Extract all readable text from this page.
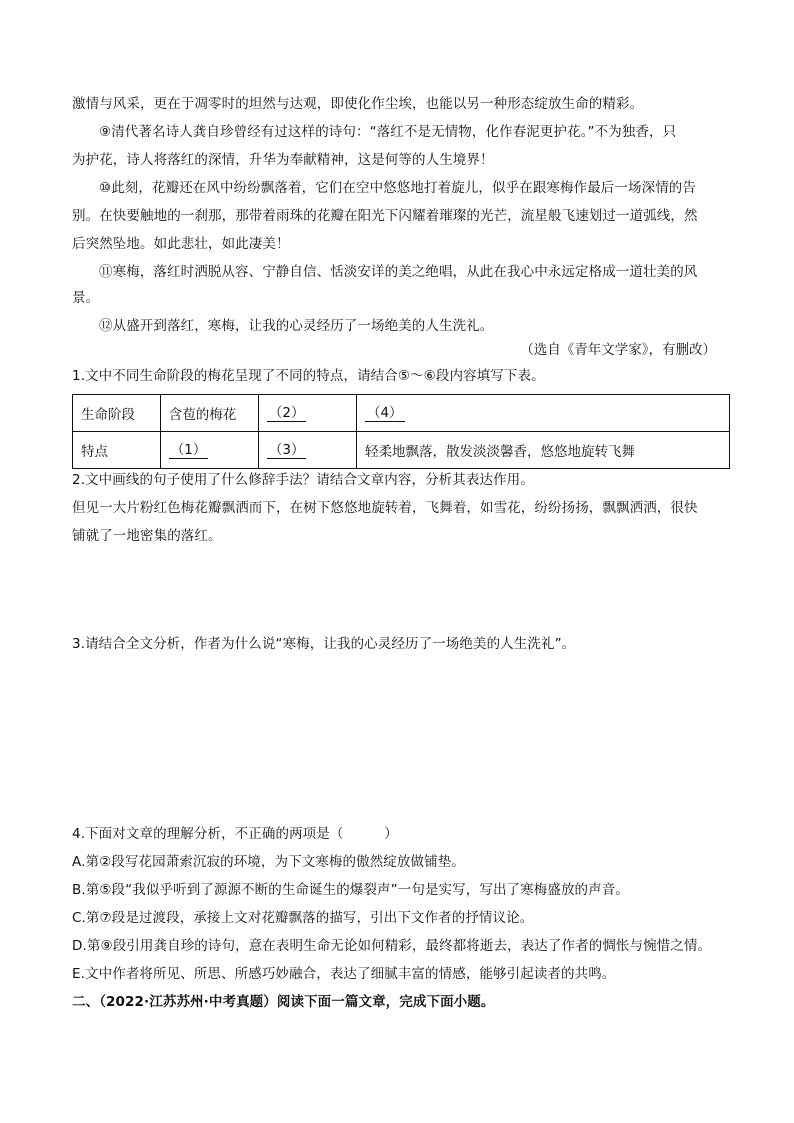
激情与风采，更在于凋零时的坦然与达观，即使化作尘埃，也能以另一种形态绽放生命的精彩。
⑨清代著名诗人龚自珍曾经有过这样的诗句：“落红不是无情物，化作春泥更护花。”不为独香，只
为护花，诗人将落红的深情，升华为奉献精神，这是何等的人生境界！
⑩此刻，花瓣还在风中纷纷飘落着，它们在空中悠悠地打着旋儿，似乎在跟寒梅作最后一场深情的告
别。在快要触地的一刹那，那带着雨珠的花瓣在阳光下闪耀着璀璨的光芒，流星般飞速划过一道弧线，然
后突然坠地。如此悲壮，如此凄美！
⑪寒梅，落红时洒脱从容、宁静自信、恬淡安详的美之绝唱，从此在我心中永远定格成一道壮美的风
景。
⑫从盛开到落红，寒梅，让我的心灵经历了一场绝美的人生洗礼。
（选自《青年文学家》，有删改）
1.文中不同生命阶段的梅花呈现了不同的特点，请结合⑤～⑥段内容填写下表。
生命阶段	含苞的梅花	（2）	（4）
特点	（1）	（3）	轻柔地飘落，散发淡淡馨香，悠悠地旋转飞舞
2.文中画线的句子使用了什么修辞手法？请结合文章内容，分析其表达作用。
但见一大片粉红色梅花瓣飘洒而下，在树下悠悠地旋转着，飞舞着，如雪花，纷纷扬扬，飘飘洒洒，很快
铺就了一地密集的落红。
3.请结合全文分析，作者为什么说“寒梅，让我的心灵经历了一场绝美的人生洗礼”。
4.下面对文章的理解分析，不正确的两项是（　　　）
A.第②段写花园萧索沉寂的环境，为下文寒梅的傲然绽放做铺垫。
B.第⑤段“我似乎听到了源源不断的生命诞生的爆裂声”一句是实写，写出了寒梅盛放的声音。
C.第⑦段是过渡段，承接上文对花瓣飘落的描写，引出下文作者的抒情议论。
D.第⑨段引用龚自珍的诗句，意在表明生命无论如何精彩，最终都将逝去，表达了作者的惆怅与惋惜之情。
E.文中作者将所见、所思、所感巧妙融合，表达了细腻丰富的情感，能够引起读者的共鸣。
二、（2022·江苏苏州·中考真题）阅读下面一篇文章，完成下面小题。
